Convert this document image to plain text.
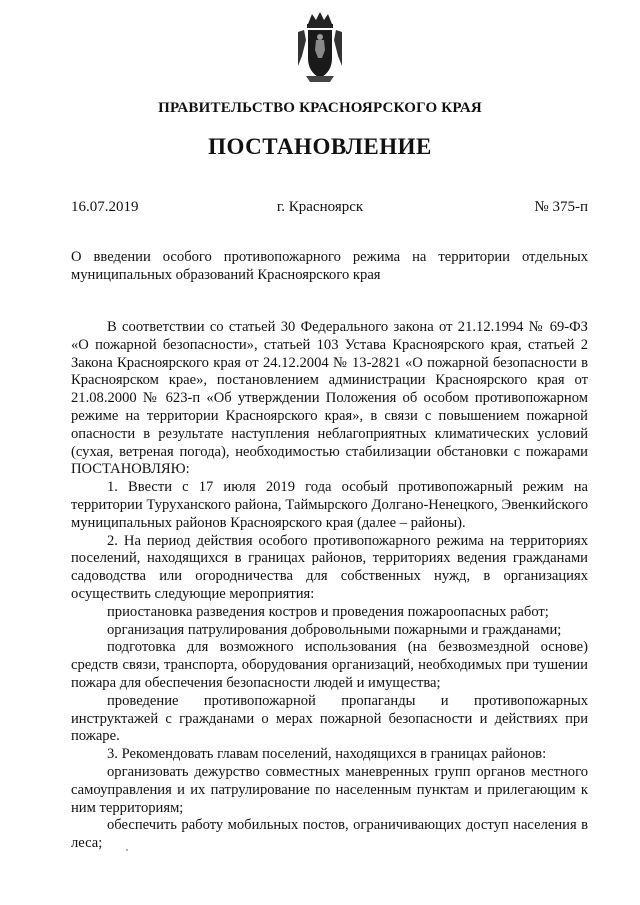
ПРАВИТЕЛЬСТВО КРАСНОЯРСКОГО КРАЯ
ПОСТАНОВЛЕНИЕ
16.07.2019	г. Красноярск	№ 375-п
О введении особого противопожарного режима на территории отдельных муниципальных образований Красноярского края

В соответствии со статьей 30 Федерального закона от 21.12.1994 № 69-ФЗ «О пожарной безопасности», статьей 103 Устава Красноярского края, статьей 2 Закона Красноярского края от 24.12.2004 № 13-2821 «О пожарной безопасности в Красноярском крае», постановлением администрации Красноярского края от 21.08.2000 № 623-п «Об утверждении Положения об особом противопожарном режиме на территории Красноярского края», в связи с повышением пожарной опасности в результате наступления неблагоприятных климатических условий (сухая, ветреная погода), необходимостью стабилизации обстановки с пожарами ПОСТАНОВЛЯЮ:

1. Ввести с 17 июля 2019 года особый противопожарный режим на территории Туруханского района, Таймырского Долгано-Ненецкого, Эвенкийского муниципальных районов Красноярского края (далее – районы).

2. На период действия особого противопожарного режима на территориях поселений, находящихся в границах районов, территориях ведения гражданами садоводства или огородничества для собственных нужд, в организациях осуществить следующие мероприятия:

приостановка разведения костров и проведения пожароопасных работ;

организация патрулирования добровольными пожарными и гражданами;

подготовка для возможного использования (на безвозмездной основе) средств связи, транспорта, оборудования организаций, необходимых при тушении пожара для обеспечения безопасности людей и имущества;

проведение противопожарной пропаганды и противопожарных инструктажей с гражданами о мерах пожарной безопасности и действиях при пожаре.

3. Рекомендовать главам поселений, находящихся в границах районов:

организовать дежурство совместных маневренных групп органов местного самоуправления и их патрулирование по населенным пунктам и прилегающим к ним территориям;

обеспечить работу мобильных постов, ограничивающих доступ населения в леса;
